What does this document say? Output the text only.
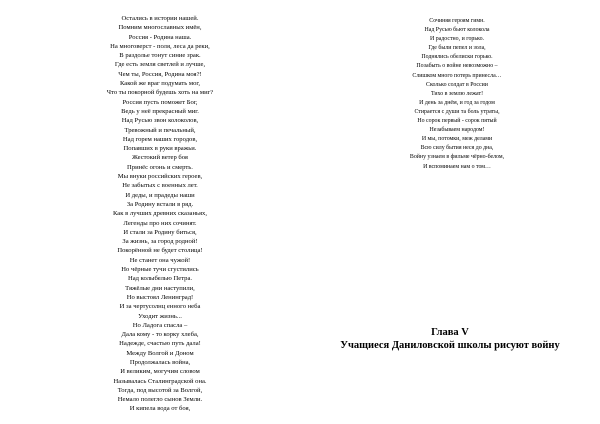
Остались в истории нашей.
Помним многославных имён,
Россия - Родина наша.
На многоверст - поля, леса да реки,
В раздолье тонут синие зрак.
Где есть земля светлей и лучше,
Чем ты, Россия, Родина моя?!
Какой же враг подумать мог,
Что ты покорной будешь хоть на миг?
Россия пусть поможет Бог,
Ведь у неё прекрасный миг.
Над Русью звон колоколов,
Тревожный и печальный,
Над горем наших городов,
Попавших в руки вражьи.
Жестокий ветер боя
Принёс огонь и смерть.
Мы внуки российских героев,
Не забытых с военных лет.
И деды, и прадеды наши
За Родину встали в ряд.
Как в лучших древних сказаньях,
Легенды про них сочинят.
И стали за Родину биться,
За жизнь, за город родной!
Покорённой не будет столица!
Не станет она чужой!
Но чёрные тучи сгустились
Над колыбелью Петра.
Тяжёлые дни наступили,
Но выстоял Ленинград!
И за чертусолнц енного неба
Уходит жизнь...
Но Ладога спасла –
Дала кому - то корку хлеба,
Надежде, счастью путь дала!
Между Волгой и Доном
Продолжалась война,
И великим, могучим словом
Называлась Сталинградской она.
Тогда, под высотой за Волгой,
Немало полегло сынов Земли.
И кипела вода от боя,
Сочиняя героям гимн.
Над Русью бьют колокола
И радостно, и горько.
Где были пепел и зола,
Поднялись обелиски горько.
Позабыть о войне невозможно –
Слишком много потерь принесла…
Сколько солдат в России
Тихо в землю лежат!
И день за днём, и год за годом
Стирается с души та боль утраты,
Но сорок первый - сорок пятый
Незабываем народом!
И мы, потомки, меж делами
Всю силу бытия неся до дна,
Войну узнаем в фильме чёрно-белом,
И вспоминаем нам о том…
Глава V
Учащиеся Даниловской школы рисуют войну
